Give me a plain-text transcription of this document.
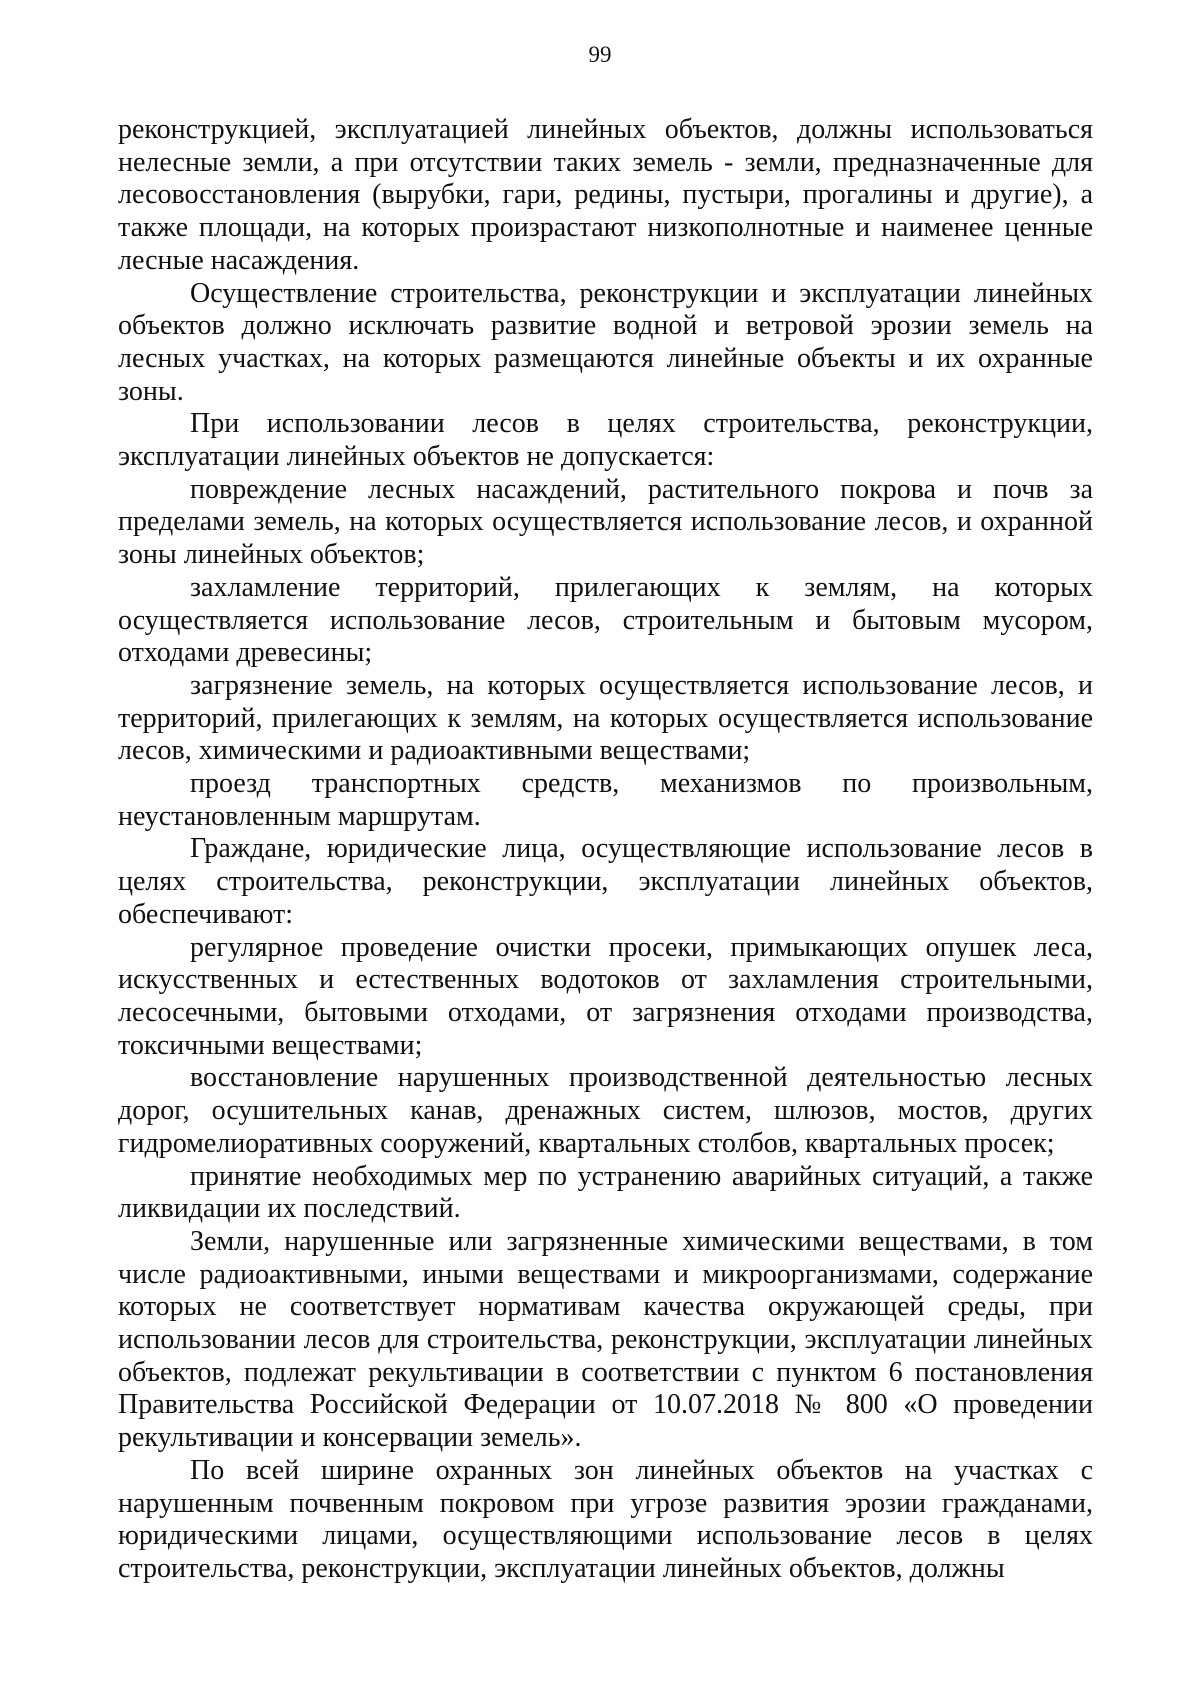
99

реконструкцией, эксплуатацией линейных объектов, должны использоваться нелесные земли, а при отсутствии таких земель - земли, предназначенные для лесовосстановления (вырубки, гари, редины, пустыри, прогалины и другие), а также площади, на которых произрастают низкополнотные и наименее ценные лесные насаждения.

Осуществление строительства, реконструкции и эксплуатации линейных объектов должно исключать развитие водной и ветровой эрозии земель на лесных участках, на которых размещаются линейные объекты и их охранные зоны.

При использовании лесов в целях строительства, реконструкции, эксплуатации линейных объектов не допускается:

повреждение лесных насаждений, растительного покрова и почв за пределами земель, на которых осуществляется использование лесов, и охранной зоны линейных объектов;

захламление территорий, прилегающих к землям, на которых осуществляется использование лесов, строительным и бытовым мусором, отходами древесины;

загрязнение земель, на которых осуществляется использование лесов, и территорий, прилегающих к землям, на которых осуществляется использование лесов, химическими и радиоактивными веществами;

проезд транспортных средств, механизмов по произвольным, неустановленным маршрутам.

Граждане, юридические лица, осуществляющие использование лесов в целях строительства, реконструкции, эксплуатации линейных объектов, обеспечивают:

регулярное проведение очистки просеки, примыкающих опушек леса, искусственных и естественных водотоков от захламления строительными, лесосечными, бытовыми отходами, от загрязнения отходами производства, токсичными веществами;

восстановление нарушенных производственной деятельностью лесных дорог, осушительных канав, дренажных систем, шлюзов, мостов, других гидромелиоративных сооружений, квартальных столбов, квартальных просек;

принятие необходимых мер по устранению аварийных ситуаций, а также ликвидации их последствий.

Земли, нарушенные или загрязненные химическими веществами, в том числе радиоактивными, иными веществами и микроорганизмами, содержание которых не соответствует нормативам качества окружающей среды, при использовании лесов для строительства, реконструкции, эксплуатации линейных объектов, подлежат рекультивации в соответствии с пунктом 6 постановления Правительства Российской Федерации от 10.07.2018 № 800 «О проведении рекультивации и консервации земель».

По всей ширине охранных зон линейных объектов на участках с нарушенным почвенным покровом при угрозе развития эрозии гражданами, юридическими лицами, осуществляющими использование лесов в целях строительства, реконструкции, эксплуатации линейных объектов, должны
